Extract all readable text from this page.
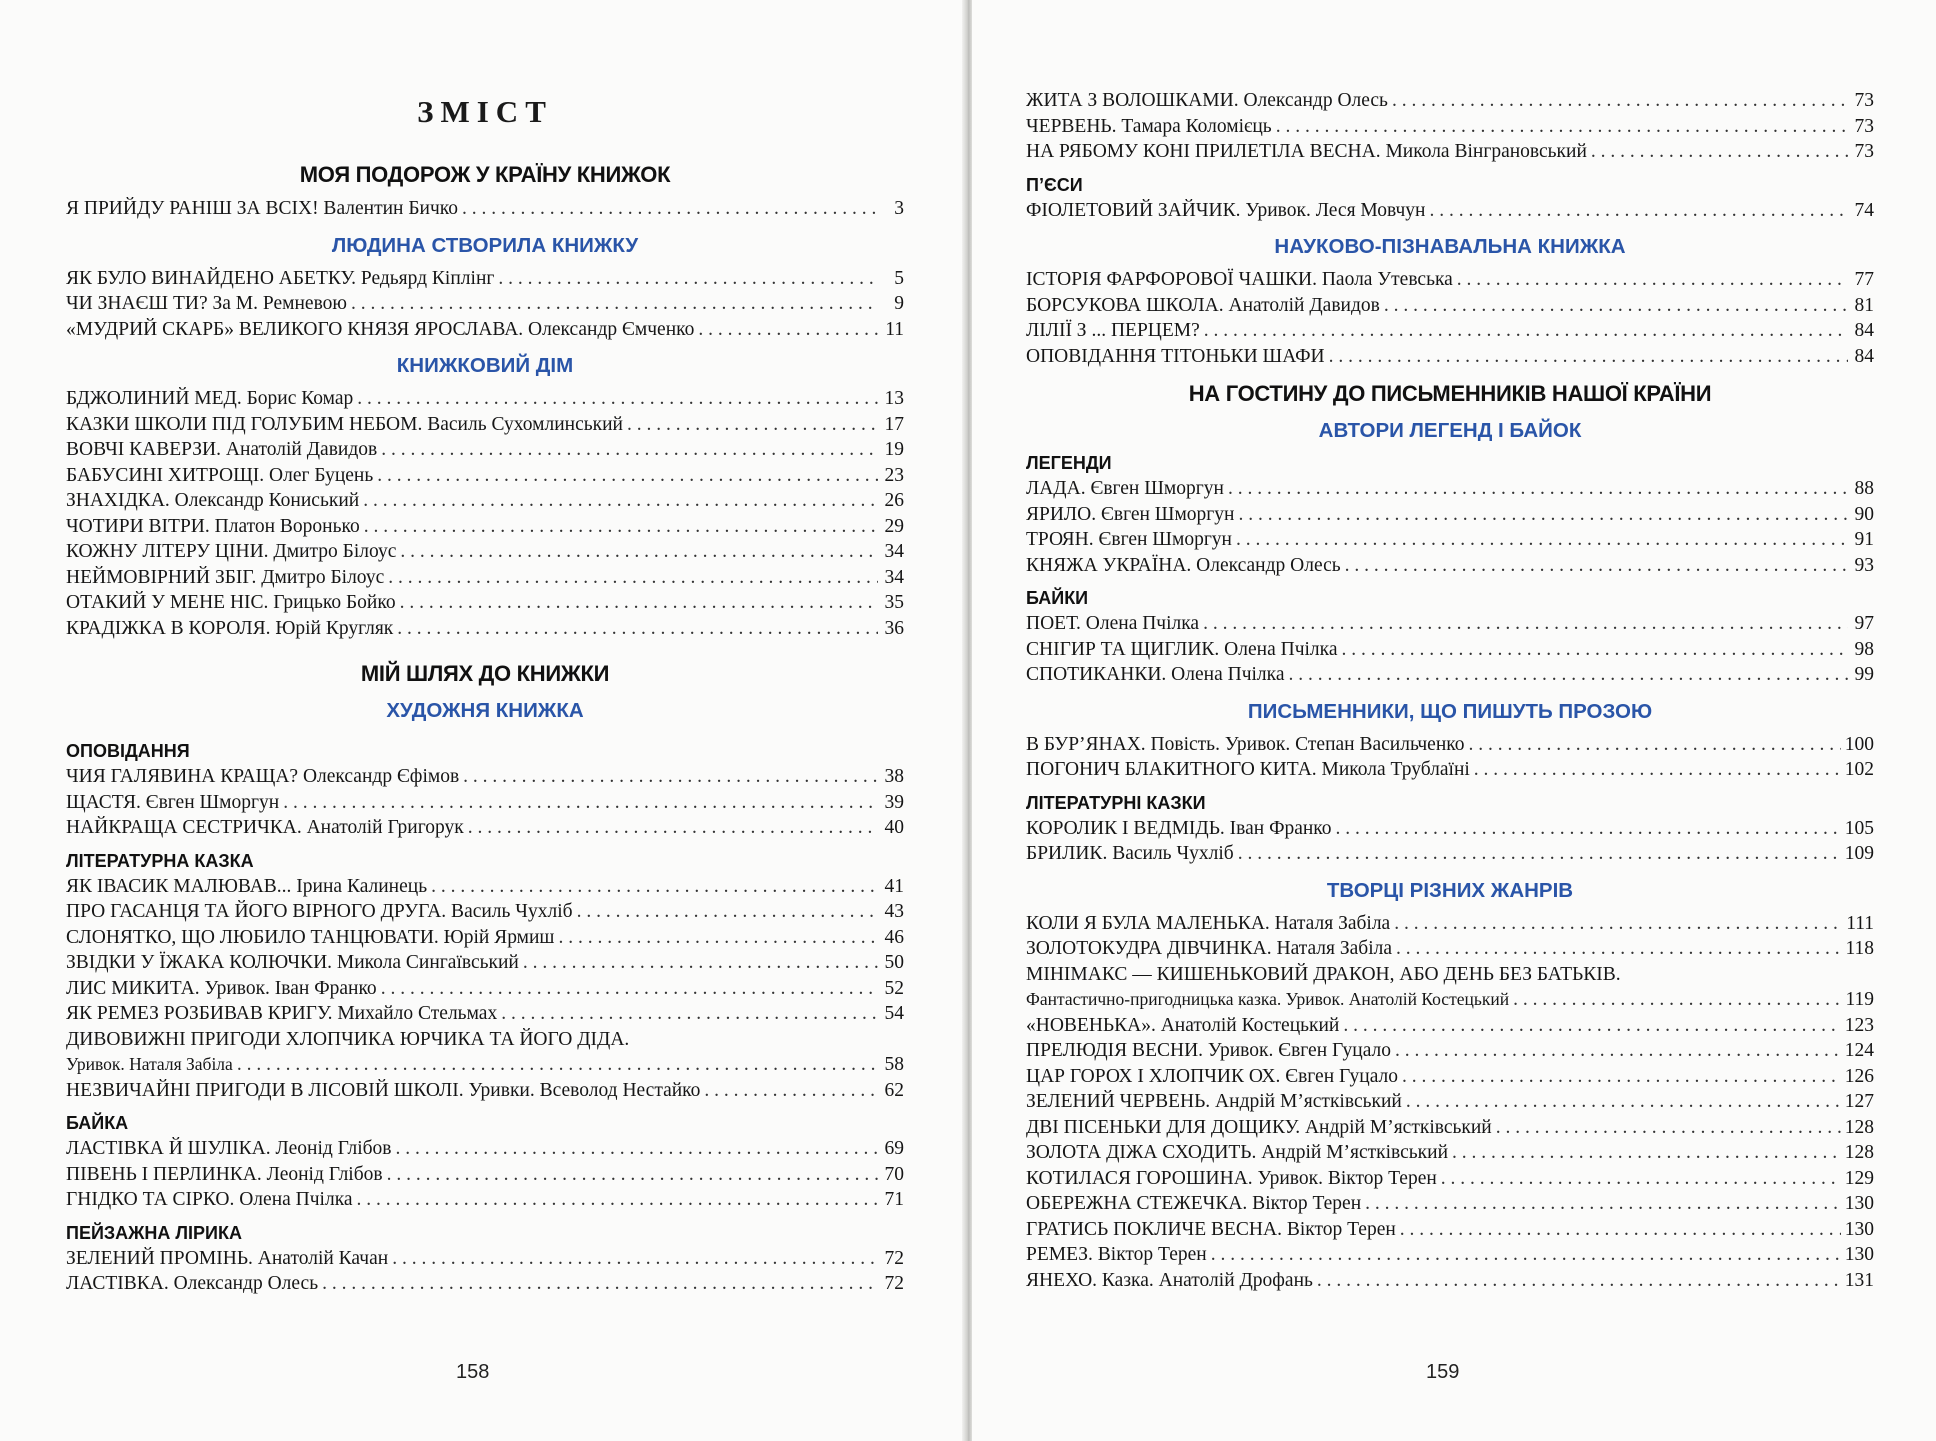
ЗМІСТ
МОЯ ПОДОРОЖ У КРАЇНУ КНИЖОК
Я ПРИЙДУ РАНІШ ЗА ВСІХ! Валентин Бичко . . .	3
ЛЮДИНА СТВОРИЛА КНИЖКУ
ЯК БУЛО ВИНАЙДЕНО АБЕТКУ. Редьярд Кіплінг . . .	5
ЧИ ЗНАЄШ ТИ? За М. Ремневою . . .	9
«МУДРИЙ СКАРБ» ВЕЛИКОГО КНЯЗЯ ЯРОСЛАВА. Олександр Ємченко . . .	11
КНИЖКОВИЙ ДІМ
БДЖОЛИНИЙ МЕД. Борис Комар . . .	13
КАЗКИ ШКОЛИ ПІД ГОЛУБИМ НЕБОМ. Василь Сухомлинський . . .	17
ВОВЧІ КАВЕРЗИ. Анатолій Давидов . . .	19
БАБУСИНІ ХИТРОЩІ. Олег Буцень . . .	23
ЗНАХІДКА. Олександр Кониський . . .	26
ЧОТИРИ ВІТРИ. Платон Воронько . . .	29
КОЖНУ ЛІТЕРУ ЦІНИ. Дмитро Білоус . . .	34
НЕЙМОВІРНИЙ ЗБІГ. Дмитро Білоус . . .	34
ОТАКИЙ У МЕНЕ НІС. Грицько Бойко . . .	35
КРАДІЖКА В КОРОЛЯ. Юрій Кругляк . . .	36
МІЙ ШЛЯХ ДО КНИЖКИ
ХУДОЖНЯ КНИЖКА
ОПОВІДАННЯ
ЧИЯ ГАЛЯВИНА КРАЩА? Олександр Єфімов . . .	38
ЩАСТЯ. Євген Шморгун . . .	39
НАЙКРАЩА СЕСТРИЧКА. Анатолій Григорук . . .	40
ЛІТЕРАТУРНА КАЗКА
ЯК ІВАСИК МАЛЮВАВ... Ірина Калинець . . .	41
ПРО ГАСАНЦЯ ТА ЙОГО ВІРНОГО ДРУГА. Василь Чухліб . . .	43
СЛОНЯТКО, ЩО ЛЮБИЛО ТАНЦЮВАТИ. Юрій Ярмиш . . .	46
ЗВІДКИ У ЇЖАКА КОЛЮЧКИ. Микола Сингаївський . . .	50
ЛИС МИКИТА. Уривок. Іван Франко . . .	52
ЯК РЕМЕЗ РОЗБИВАВ КРИГУ. Михайло Стельмах . . .	54
ДИВОВИЖНІ ПРИГОДИ ХЛОПЧИКА ЮРЧИКА ТА ЙОГО ДІДА.
Уривок. Наталя Забіла . . .	58
НЕЗВИЧАЙНІ ПРИГОДИ В ЛІСОВІЙ ШКОЛІ. Уривки. Всеволод Нестайко . . .	62
БАЙКА
ЛАСТІВКА Й ШУЛІКА. Леонід Глібов . . .	69
ПІВЕНЬ І ПЕРЛИНКА. Леонід Глібов . . .	70
ГНІДКО ТА СІРКО. Олена Пчілка . . .	71
ПЕЙЗАЖНА ЛІРИКА
ЗЕЛЕНИЙ ПРОМІНЬ. Анатолій Качан . . .	72
ЛАСТІВКА. Олександр Олесь . . .	72
158
ЖИТА З ВОЛОШКАМИ. Олександр Олесь . . .	73
ЧЕРВЕНЬ. Тамара Коломієць . . .	73
НА РЯБОМУ КОНІ ПРИЛЕТІЛА ВЕСНА. Микола Вінграновський . . .	73
П’ЄСИ
ФІОЛЕТОВИЙ ЗАЙЧИК. Уривок. Леся Мовчун . . .	74
НАУКОВО-ПІЗНАВАЛЬНА КНИЖКА
ІСТОРІЯ ФАРФОРОВОЇ ЧАШКИ. Паола Утевська . . .	77
БОРСУКОВА ШКОЛА. Анатолій Давидов . . .	81
ЛІЛІЇ З ... ПЕРЦЕМ? . . .	84
ОПОВІДАННЯ ТІТОНЬКИ ШАФИ . . .	84
НА ГОСТИНУ ДО ПИСЬМЕННИКІВ НАШОЇ КРАЇНИ
АВТОРИ ЛЕГЕНД І БАЙОК
ЛЕГЕНДИ
ЛАДА. Євген Шморгун . . .	88
ЯРИЛО. Євген Шморгун . . .	90
ТРОЯН. Євген Шморгун . . .	91
КНЯЖА УКРАЇНА. Олександр Олесь . . .	93
БАЙКИ
ПОЕТ. Олена Пчілка . . .	97
СНІГИР ТА ЩИГЛИК. Олена Пчілка . . .	98
СПОТИКАНКИ. Олена Пчілка . . .	99
ПИСЬМЕННИКИ, ЩО ПИШУТЬ ПРОЗОЮ
В БУР’ЯНАХ. Повість. Уривок. Степан Васильченко . . .	100
ПОГОНИЧ БЛАКИТНОГО КИТА. Микола Трублаїні . . .	102
ЛІТЕРАТУРНІ КАЗКИ
КОРОЛИК І ВЕДМІДЬ. Іван Франко . . .	105
БРИЛИК. Василь Чухліб . . .	109
ТВОРЦІ РІЗНИХ ЖАНРІВ
КОЛИ Я БУЛА МАЛЕНЬКА. Наталя Забіла . . .	111
ЗОЛОТОКУДРА ДІВЧИНКА. Наталя Забіла . . .	118
МІНІМАКС — КИШЕНЬКОВИЙ ДРАКОН, АБО ДЕНЬ БЕЗ БАТЬКІВ.
Фантастично-пригодницька казка. Уривок. Анатолій Костецький . . .	119
«НОВЕНЬКА». Анатолій Костецький . . .	123
ПРЕЛЮДІЯ ВЕСНИ. Уривок. Євген Гуцало . . .	124
ЦАР ГОРОХ І ХЛОПЧИК ОХ. Євген Гуцало . . .	126
ЗЕЛЕНИЙ ЧЕРВЕНЬ. Андрій М’ястківський . . .	127
ДВІ ПІСЕНЬКИ ДЛЯ ДОЩИКУ. Андрій М’ястківський . . .	128
ЗОЛОТА ДІЖА СХОДИТЬ. Андрій М’ястківський . . .	128
КОТИЛАСЯ ГОРОШИНА. Уривок. Віктор Терен . . .	129
ОБЕРЕЖНА СТЕЖЕЧКА. Віктор Терен . . .	130
ГРАТИСЬ ПОКЛИЧЕ ВЕСНА. Віктор Терен . . .	130
РЕМЕЗ. Віктор Терен . . .	130
ЯНЕХО. Казка. Анатолій Дрофань . . .	131
159
